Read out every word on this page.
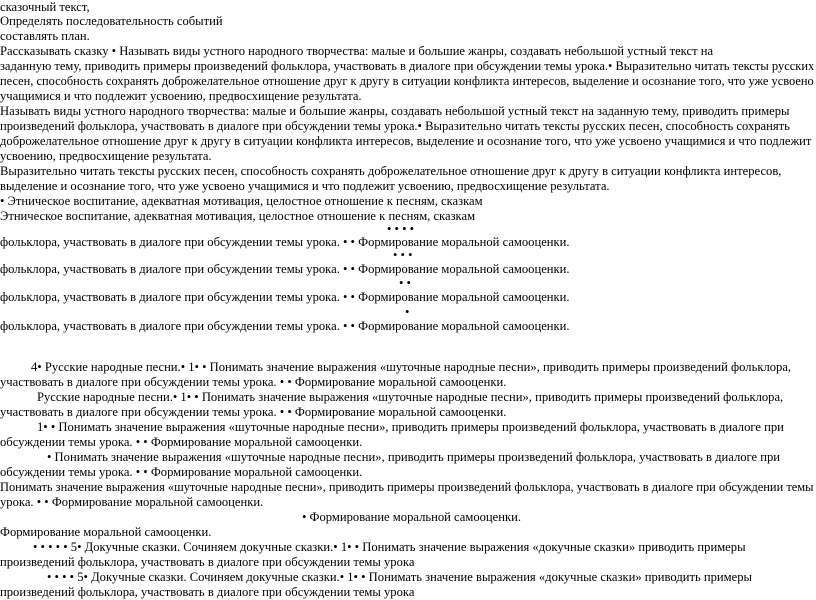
сказочный текст,
Определять последовательность событий
составлять план.
Рассказывать сказку • Называть виды устного народного творчества: малые и большие жанры, создавать небольшой устный текст на
заданную тему, приводить примеры произведений фольклора, участвовать в диалоге при обсуждении темы урока.• Выразительно читать тексты русских
песен, способность сохранять доброжелательное отношение друг к другу в ситуации конфликта интересов, выделение и осознание того, что уже усвоено
учащимися и что подлежит усвоению, предвосхищение результата.
Называть виды устного народного творчества: малые и большие жанры, создавать небольшой устный текст на заданную тему, приводить примеры
произведений фольклора, участвовать в диалоге при обсуждении темы урока.• Выразительно читать тексты русских песен, способность сохранять
доброжелательное отношение друг к другу в ситуации конфликта интересов, выделение и осознание того, что уже усвоено учащимися и что подлежит
усвоению, предвосхищение результата.
Выразительно читать тексты русских песен, способность сохранять доброжелательное отношение друг к другу в ситуации конфликта интересов,
выделение и осознание того, что уже усвоено учащимися и что подлежит усвоению, предвосхищение результата.
• Этническое воспитание, адекватная мотивация, целостное отношение к песням, сказкам
Этническое воспитание, адекватная мотивация, целостное отношение к песням, сказкам
• • • •
фольклора, участвовать в диалоге при обсуждении темы урока. • • Формирование моральной самооценки.
• • •
фольклора, участвовать в диалоге при обсуждении темы урока. • • Формирование моральной самооценки.
• •
фольклора, участвовать в диалоге при обсуждении темы урока. • • Формирование моральной самооценки.
•
фольклора, участвовать в диалоге при обсуждении темы урока. • • Формирование моральной самооценки.
4• Русские народные песни.• 1• • Понимать значение выражения «шуточные народные песни», приводить примеры произведений фольклора,
участвовать в диалоге при обсуждении темы урока. • • Формирование моральной самооценки.
Русские народные песни.• 1• • Понимать значение выражения «шуточные народные песни», приводить примеры произведений фольклора,
участвовать в диалоге при обсуждении темы урока. • • Формирование моральной самооценки.
1• • Понимать значение выражения «шуточные народные песни», приводить примеры произведений фольклора, участвовать в диалоге при
обсуждении темы урока. • • Формирование моральной самооценки.
• Понимать значение выражения «шуточные народные песни», приводить примеры произведений фольклора, участвовать в диалоге при
обсуждении темы урока. • • Формирование моральной самооценки.
Понимать значение выражения «шуточные народные песни», приводить примеры произведений фольклора, участвовать в диалоге при обсуждении темы
урока. • • Формирование моральной самооценки.
• Формирование моральной самооценки.
Формирование моральной самооценки.
• • • • • 5• Докучные сказки. Сочиняем докучные сказки.• 1• • Понимать значение выражения «докучные сказки» приводить примеры
произведений фольклора, участвовать в диалоге при обсуждении темы урока
• • • • 5• Докучные сказки. Сочиняем докучные сказки.• 1• • Понимать значение выражения «докучные сказки» приводить примеры
произведений фольклора, участвовать в диалоге при обсуждении темы урока
